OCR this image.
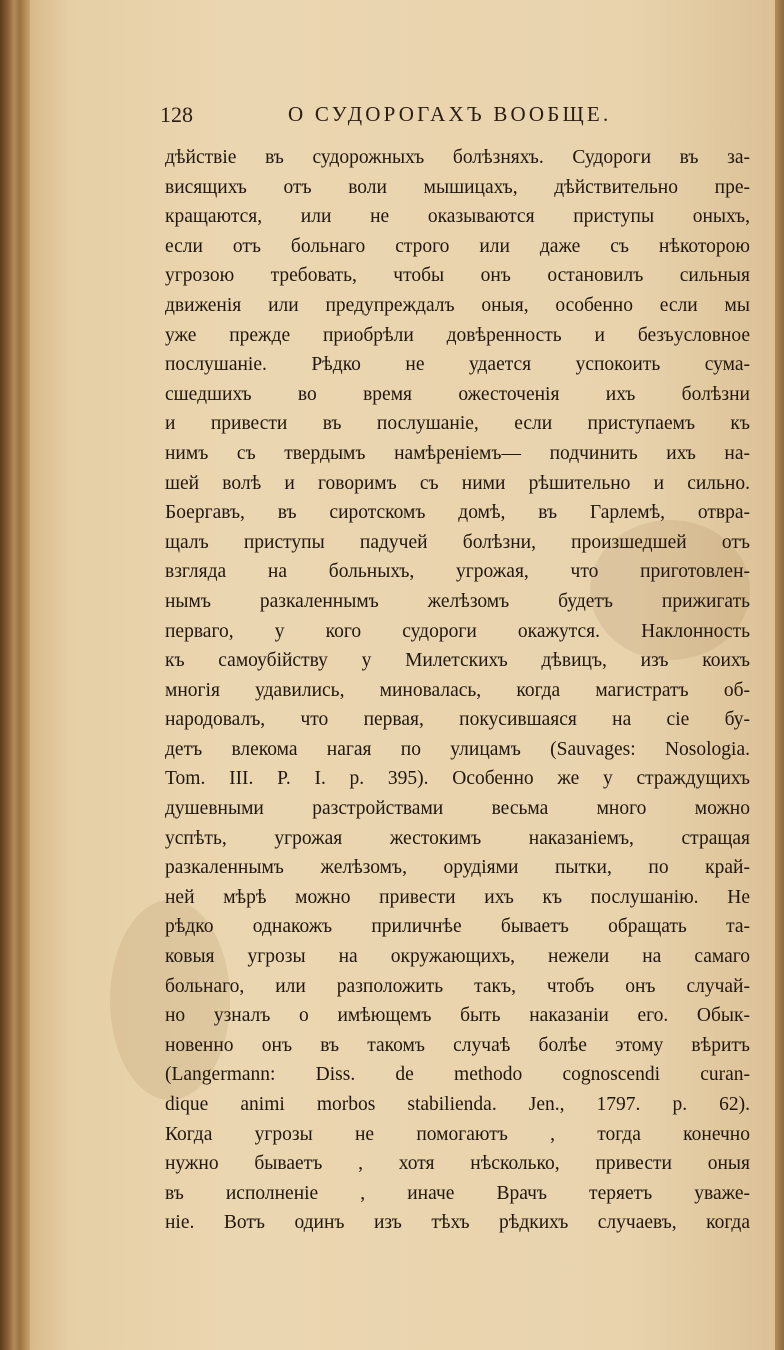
128	О СУДОРОГАХЪ ВООБЩЕ.
дѣйствіе въ судорожныхъ болѣзняхъ. Судороги въ за-
висящихъ отъ воли мышицахъ, дѣйствительно пре-
кращаются, или не оказываются приступы оныхъ,
если отъ больнаго строго или даже съ нѣкоторою
угрозою требовать, чтобы онъ остановилъ сильныя
движенія или предупреждалъ оныя, особенно если мы
уже прежде приобрѣли довѣренность и безъусловное
послушаніе. Рѣдко не удается успокоить сума-
сшедшихъ во время ожесточенія ихъ болѣзни
и привести въ послушаніе, если приступаемъ къ
нимъ съ твердымъ намѣреніемъ— подчинить ихъ на-
шей волѣ и говоримъ съ ними рѣшительно и сильно.
Боергавъ, въ сиротскомъ домѣ, въ Гарлемѣ, отвра-
щалъ приступы падучей болѣзни, произшедшей отъ
взгляда на больныхъ, угрожая, что приготовлен-
нымъ разкаленнымъ желѣзомъ будетъ прижигать
перваго, у кого судороги окажутся. Наклонность
къ самоубійству у Милетскихъ дѣвицъ, изъ коихъ
многія удавились, миновалась, когда магистратъ об-
народовалъ, что первая, покусившаяся на сіе бу-
детъ влекома нагая по улицамъ (Sauvages: Nosologia.
Tom. III. P. I. p. 395). Особенно же у страждущихъ
душевными разстройствами весьма много можно
успѣть, угрожая жестокимъ наказаніемъ, стращая
разкаленнымъ желѣзомъ, орудіями пытки, по край-
ней мѣрѣ можно привести ихъ къ послушанію. Не
рѣдко однакожъ приличнѣе бываетъ обращать та-
ковыя угрозы на окружающихъ, нежели на самаго
больнаго, или разположить такъ, чтобъ онъ случай-
но узналъ о имѣющемъ быть наказаніи его. Обык-
новенно онъ въ такомъ случаѣ болѣе этому вѣритъ
(Langermann: Diss. de methodo cognoscendi curan-
dique animi morbos stabilienda. Jen., 1797. p. 62).
Когда угрозы не помогаютъ , тогда конечно
нужно бываетъ , хотя нѣсколько, привести оныя
въ исполненіе , иначе Врачъ теряетъ уваже-
ніе. Вотъ одинъ изъ тѣхъ рѣдкихъ случаевъ, когда
